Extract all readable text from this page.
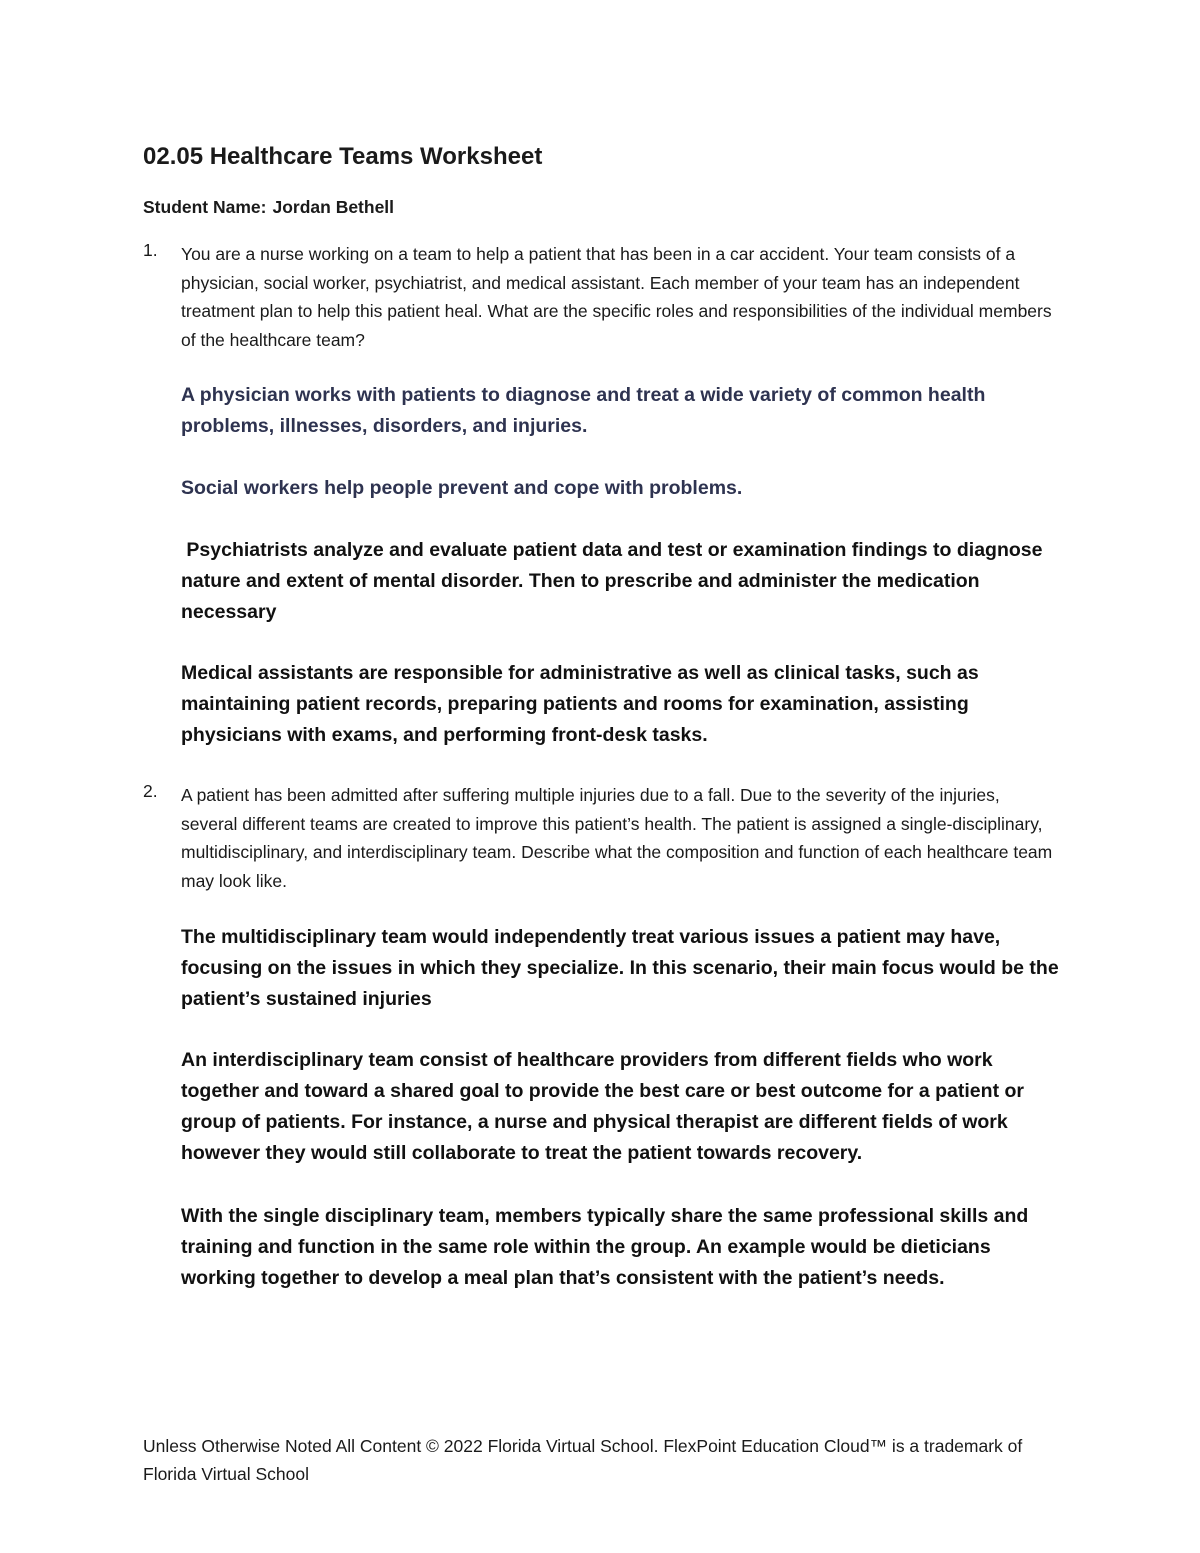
02.05 Healthcare Teams Worksheet
Student Name: Jordan Bethell
1. You are a nurse working on a team to help a patient that has been in a car accident. Your team consists of a physician, social worker, psychiatrist, and medical assistant. Each member of your team has an independent treatment plan to help this patient heal. What are the specific roles and responsibilities of the individual members of the healthcare team?

A physician works with patients to diagnose and treat a wide variety of common health problems, illnesses, disorders, and injuries.

Social workers help people prevent and cope with problems.

Psychiatrists analyze and evaluate patient data and test or examination findings to diagnose nature and extent of mental disorder. Then to prescribe and administer the medication necessary

Medical assistants are responsible for administrative as well as clinical tasks, such as maintaining patient records, preparing patients and rooms for examination, assisting physicians with exams, and performing front-desk tasks.

2. A patient has been admitted after suffering multiple injuries due to a fall. Due to the severity of the injuries, several different teams are created to improve this patient’s health. The patient is assigned a single-disciplinary, multidisciplinary, and interdisciplinary team. Describe what the composition and function of each healthcare team may look like.

The multidisciplinary team would independently treat various issues a patient may have, focusing on the issues in which they specialize. In this scenario, their main focus would be the patient’s sustained injuries

An interdisciplinary team consist of healthcare providers from different fields who work together and toward a shared goal to provide the best care or best outcome for a patient or group of patients. For instance, a nurse and physical therapist are different fields of work however they would still collaborate to treat the patient towards recovery.

With the single disciplinary team, members typically share the same professional skills and training and function in the same role within the group. An example would be dieticians working together to develop a meal plan that’s consistent with the patient’s needs.

Unless Otherwise Noted All Content © 2022 Florida Virtual School. FlexPoint Education Cloud™ is a trademark of Florida Virtual School
